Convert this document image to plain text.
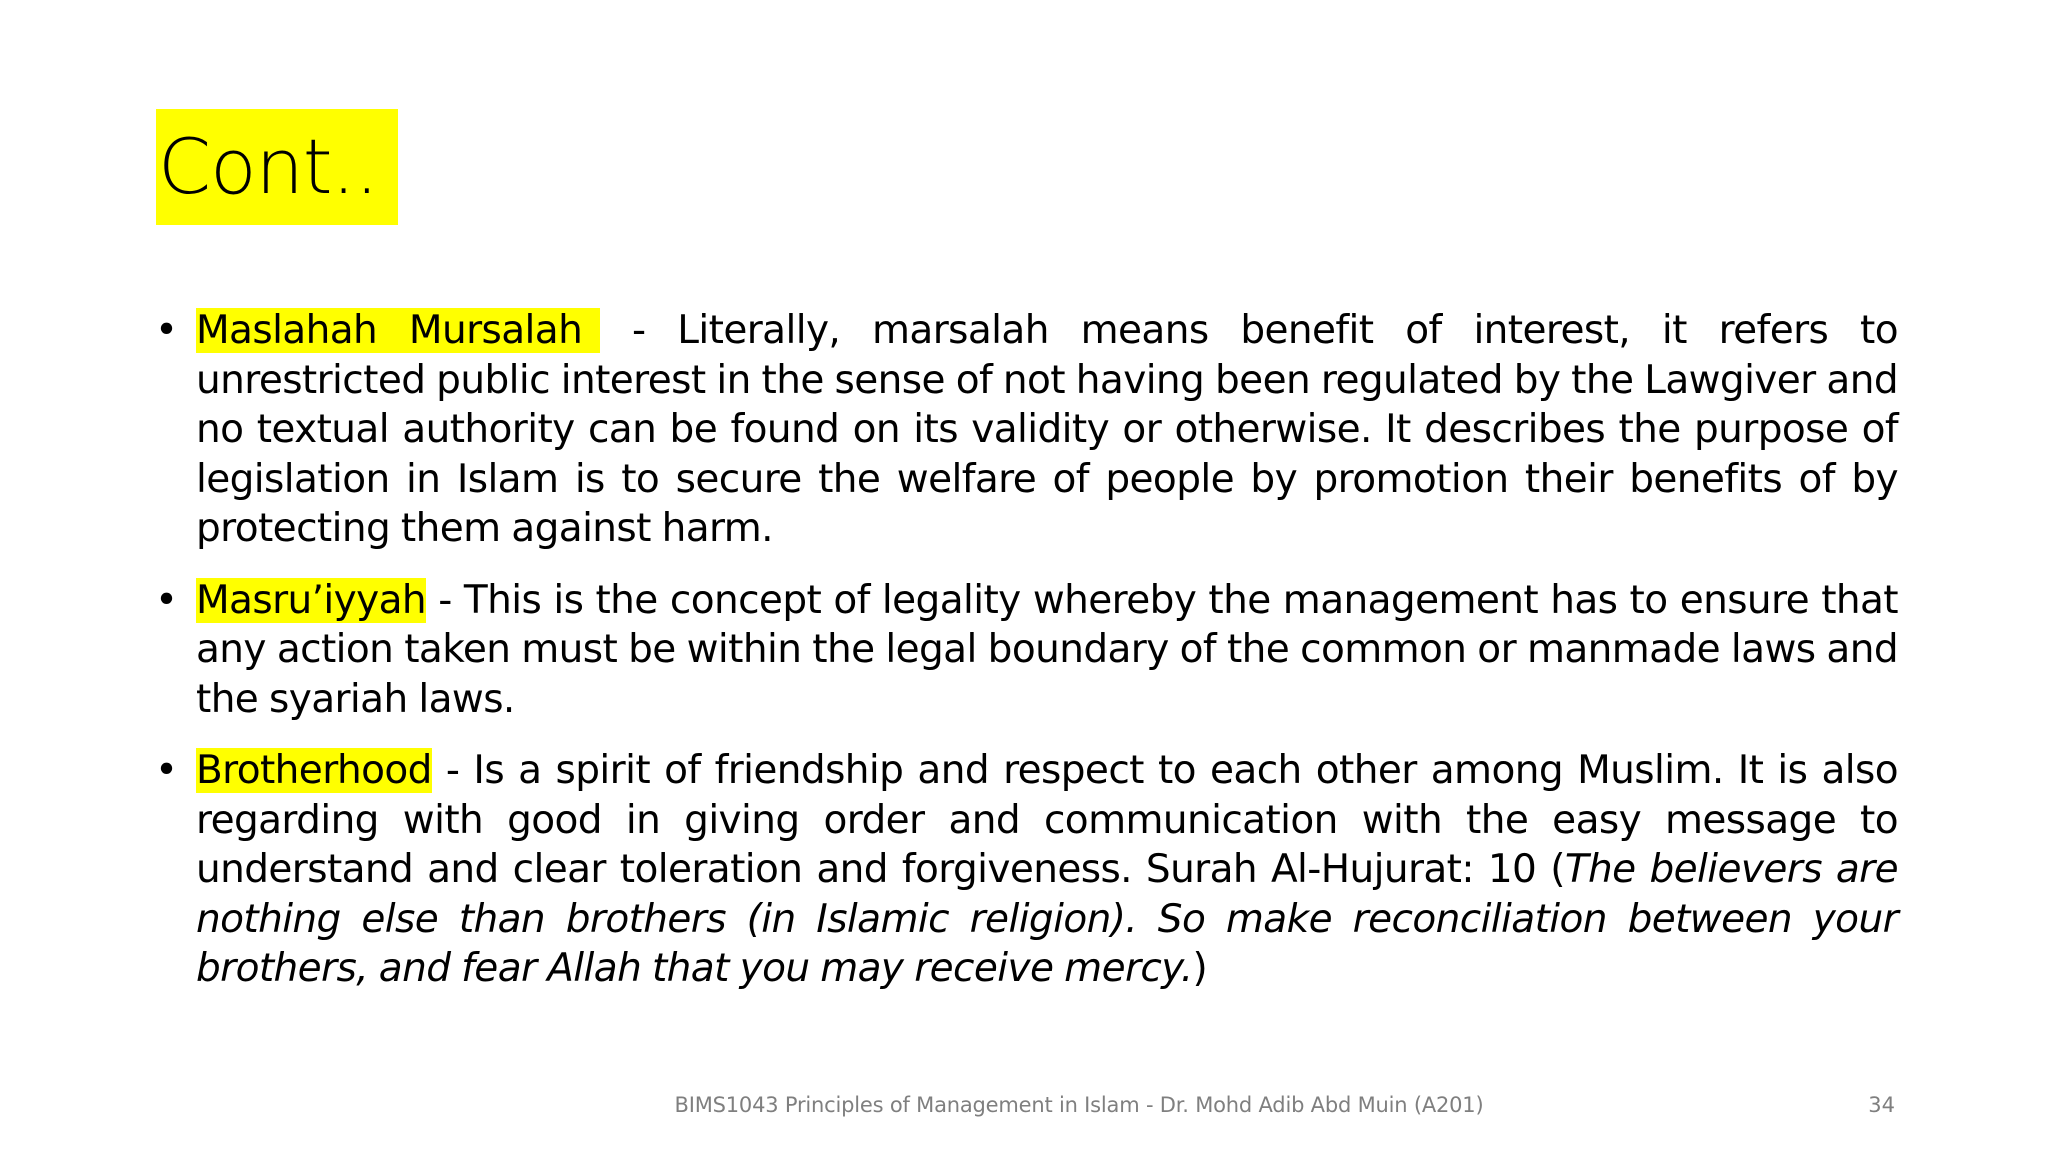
Cont..
• Maslahah Mursalah - Literally, marsalah means benefit of interest, it refers to unrestricted public interest in the sense of not having been regulated by the Lawgiver and no textual authority can be found on its validity or otherwise. It describes the purpose of legislation in Islam is to secure the welfare of people by promotion their benefits of by protecting them against harm.
• Masru’iyyah - This is the concept of legality whereby the management has to ensure that any action taken must be within the legal boundary of the common or manmade laws and the syariah laws.
• Brotherhood - Is a spirit of friendship and respect to each other among Muslim. It is also regarding with good in giving order and communication with the easy message to understand and clear toleration and forgiveness. Surah Al-Hujurat: 10 (The believers are nothing else than brothers (in Islamic religion). So make reconciliation between your brothers, and fear Allah that you may receive mercy.)
BIMS1043 Principles of Management in Islam - Dr. Mohd Adib Abd Muin (A201)	34
